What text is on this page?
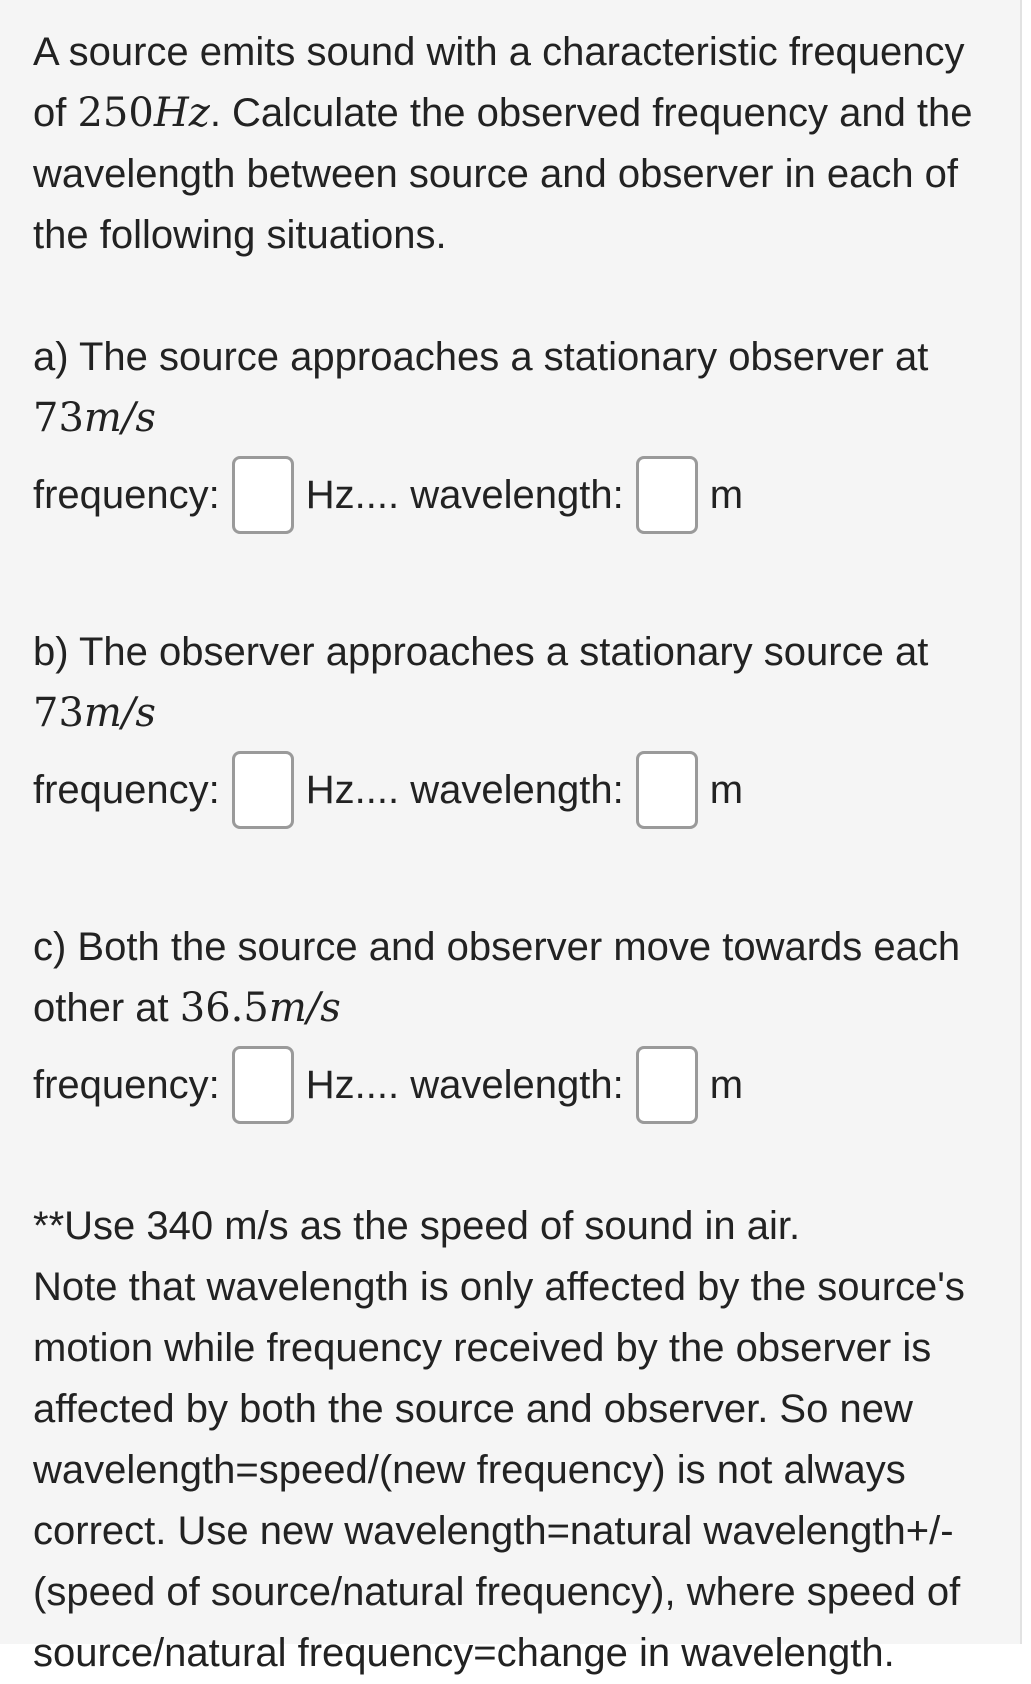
A source emits sound with a characteristic frequency of 250Hz. Calculate the observed frequency and the wavelength between source and observer in each of the following situations.

a) The source approaches a stationary observer at
73m/s

frequency: Hz.... wavelength: m

b) The observer approaches a stationary source at
73m/s

frequency: Hz.... wavelength: m

c) Both the source and observer move towards each other at 36.5m/s

frequency: Hz.... wavelength: m

**Use 340 m/s as the speed of sound in air.

Note that wavelength is only affected by the source's motion while frequency received by the observer is affected by both the source and observer. So new wavelength=speed/(new frequency) is not always correct. Use new wavelength=natural wavelength+/-(speed of source/natural frequency), where speed of source/natural frequency=change in wavelength.
